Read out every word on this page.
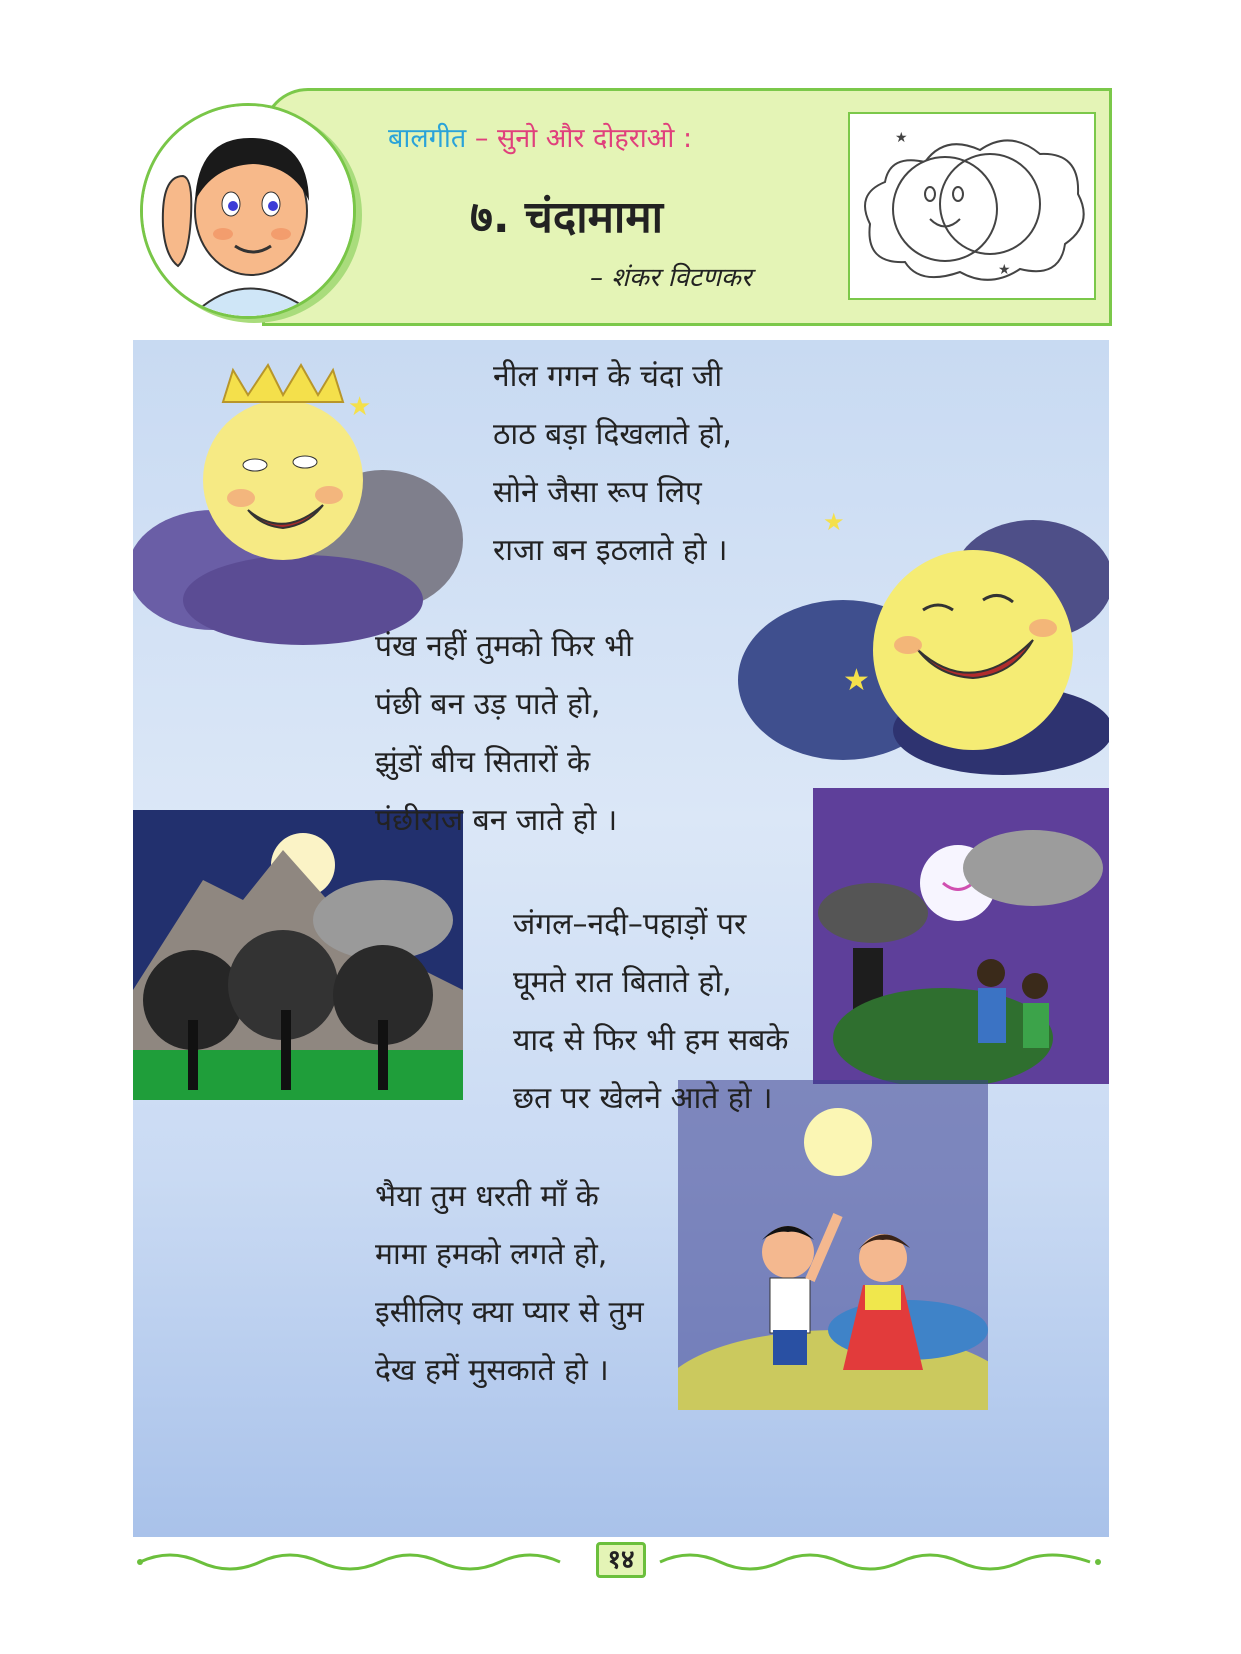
बालगीत – सुनो और दोहराओ :
७. चंदामामा
– शंकर विटणकर
★
★
★
★
★
नील गगन के चंदा जी
ठाठ बड़ा दिखलाते हो,
सोने जैसा रूप लिए
राजा बन इठलाते हो ।
पंख नहीं तुमको फिर भी
पंछी बन उड़ पाते हो,
झुंडों बीच सितारों के
पंछीराज बन जाते हो ।
जंगल–नदी–पहाड़ों पर
घूमते रात बिताते हो,
याद से फिर भी हम सबके
छत पर खेलने आते हो ।
भैया तुम धरती माँ के
मामा हमको लगते हो,
इसीलिए क्या प्यार से तुम
देख हमें मुसकाते हो ।
१४
